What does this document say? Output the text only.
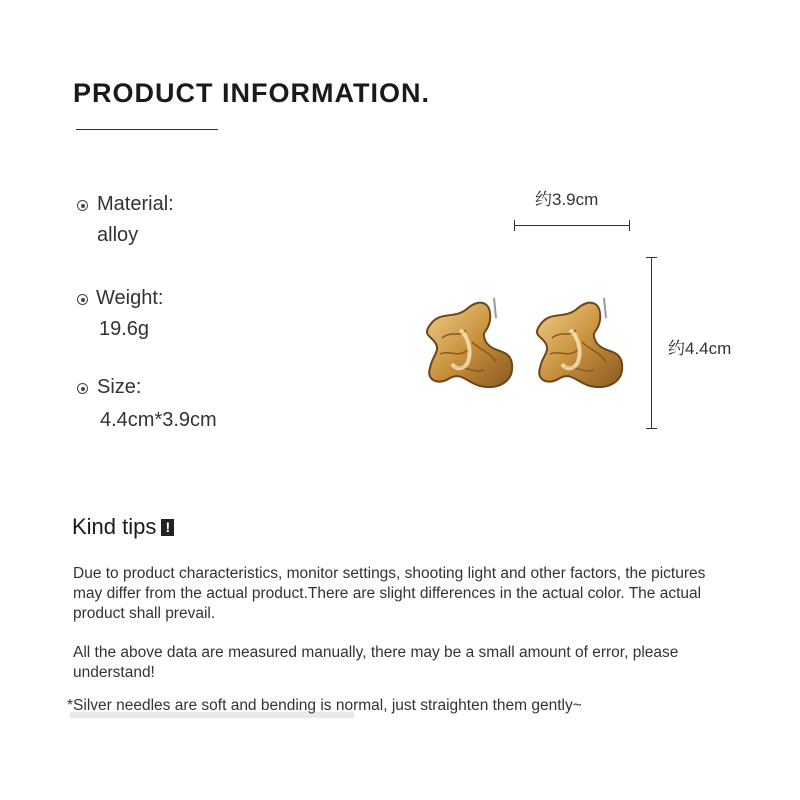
PRODUCT INFORMATION.
Material:
alloy
Weight:
19.6g
Size:
4.4cm*3.9cm
约3.9cm
约4.4cm
Kind tips !
Due to product characteristics, monitor settings, shooting light and other factors, the pictures may differ from the actual product.There are slight differences in the actual color. The actual product shall prevail.
All the above data are measured manually, there may be a small amount of error, please understand!
*Silver needles are soft and bending is normal, just straighten them gently~
